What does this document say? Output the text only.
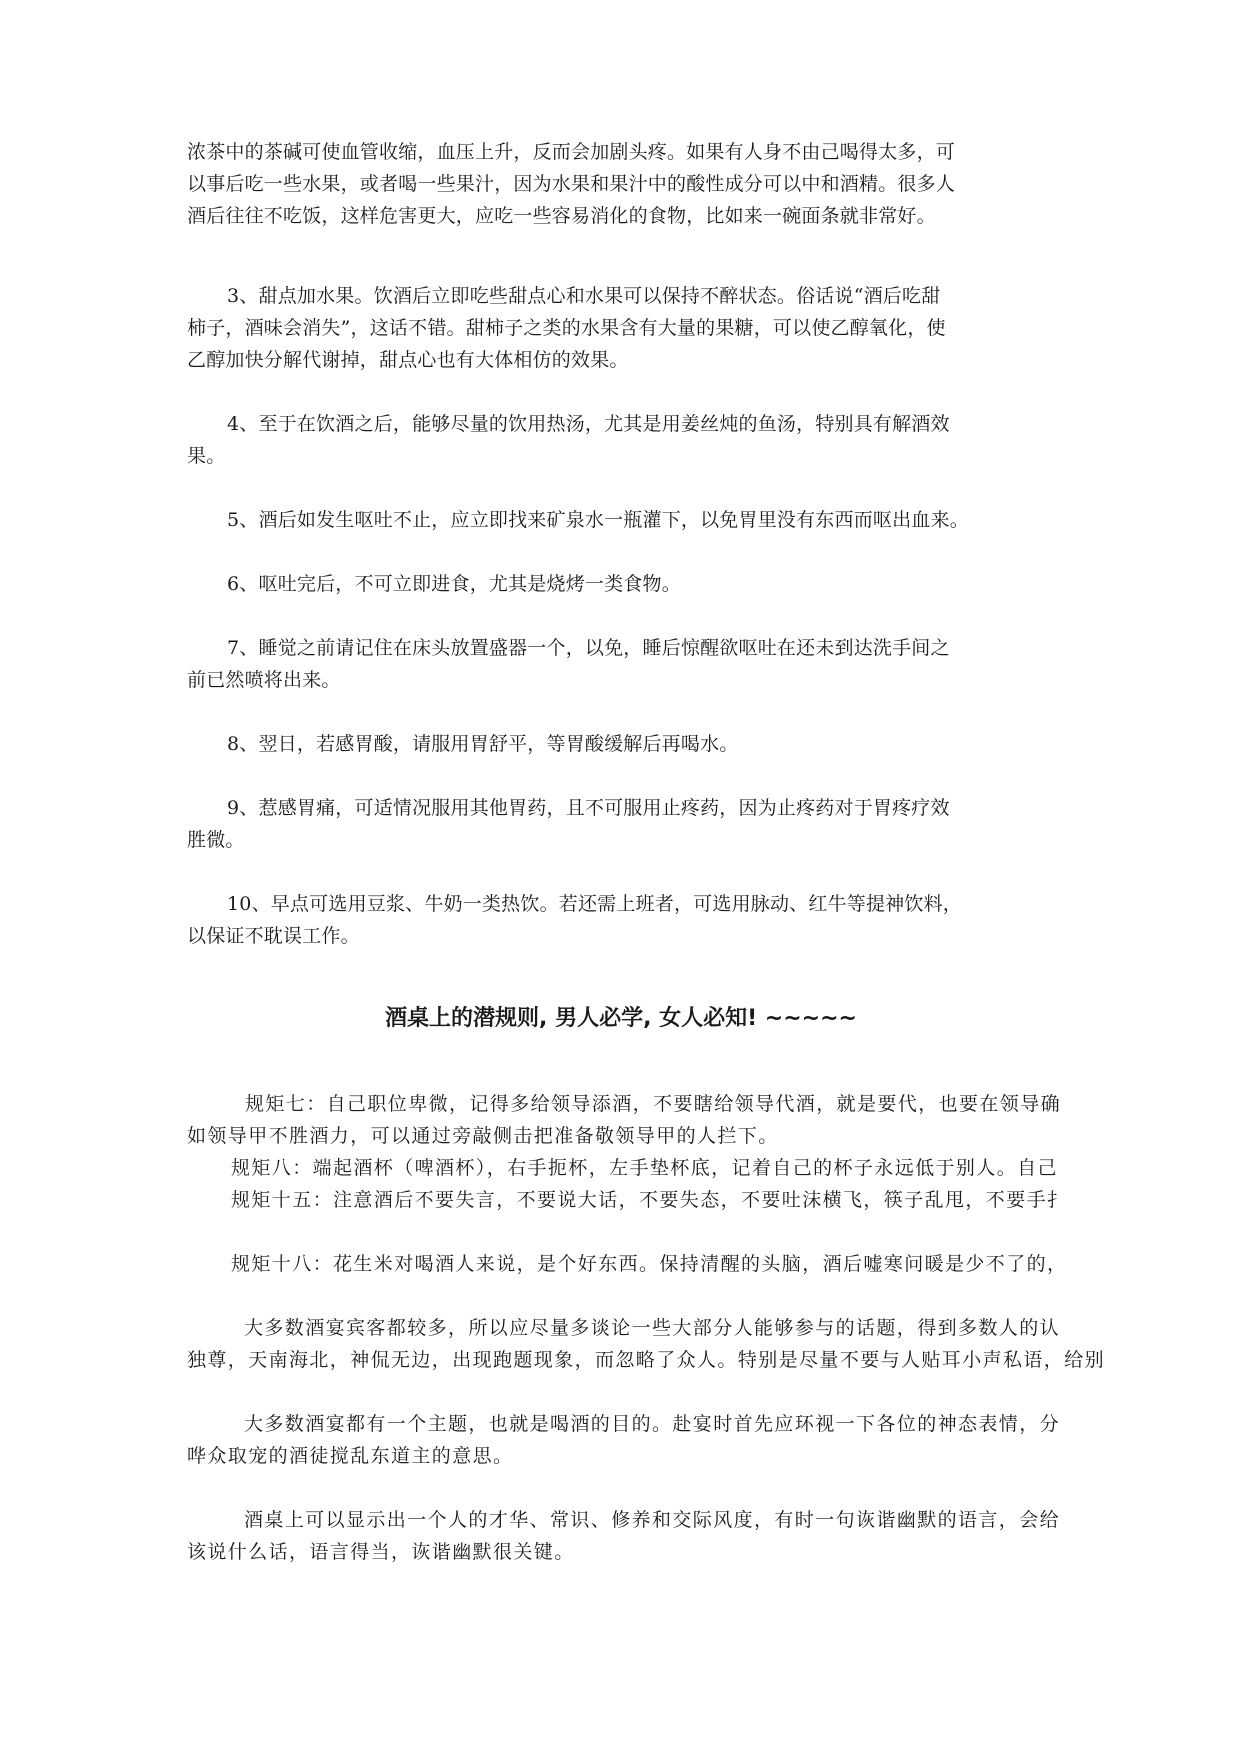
浓茶中的茶碱可使血管收缩，血压上升，反而会加剧头疼。如果有人身不由己喝得太多，可
以事后吃一些水果，或者喝一些果汁，因为水果和果汁中的酸性成分可以中和酒精。很多人
酒后往往不吃饭，这样危害更大，应吃一些容易消化的食物，比如来一碗面条就非常好。
3、甜点加水果。饮酒后立即吃些甜点心和水果可以保持不醉状态。俗话说“酒后吃甜
柿子，酒味会消失”，这话不错。甜柿子之类的水果含有大量的果糖，可以使乙醇氧化，使
乙醇加快分解代谢掉，甜点心也有大体相仿的效果。
4、至于在饮酒之后，能够尽量的饮用热汤，尤其是用姜丝炖的鱼汤，特别具有解酒效
果。
5、酒后如发生呕吐不止，应立即找来矿泉水一瓶灌下，以免胃里没有东西而呕出血来。
6、呕吐完后，不可立即进食，尤其是烧烤一类食物。
7、睡觉之前请记住在床头放置盛器一个，以免，睡后惊醒欲呕吐在还未到达洗手间之
前已然喷将出来。
8、翌日，若感胃酸，请服用胃舒平，等胃酸缓解后再喝水。
9、惹感胃痛，可适情况服用其他胃药，且不可服用止疼药，因为止疼药对于胃疼疗效
胜微。
10、早点可选用豆浆、牛奶一类热饮。若还需上班者，可选用脉动、红牛等提神饮料，
以保证不耽误工作。
酒桌上的潜规则, 男人必学, 女人必知! ~~~~~
规矩七：自己职位卑微，记得多给领导添酒，不要瞎给领导代酒，就是要代，也要在领导确
如领导甲不胜酒力，可以通过旁敲侧击把准备敬领导甲的人拦下。
规矩八：端起酒杯（啤酒杯），右手扼杯，左手垫杯底，记着自己的杯子永远低于别人。自己
规矩十五：注意酒后不要失言，不要说大话，不要失态，不要吐沫横飞，筷子乱甩，不要手扌
规矩十八：花生米对喝酒人来说，是个好东西。保持清醒的头脑，酒后嘘寒问暖是少不了的，
大多数酒宴宾客都较多，所以应尽量多谈论一些大部分人能够参与的话题，得到多数人的认
独尊，天南海北，神侃无边，出现跑题现象，而忽略了众人。特别是尽量不要与人贴耳小声私语，给别
大多数酒宴都有一个主题，也就是喝酒的目的。赴宴时首先应环视一下各位的神态表情，分
哗众取宠的酒徒搅乱东道主的意思。
酒桌上可以显示出一个人的才华、常识、修养和交际风度，有时一句诙谐幽默的语言，会给
该说什么话，语言得当，诙谐幽默很关键。
